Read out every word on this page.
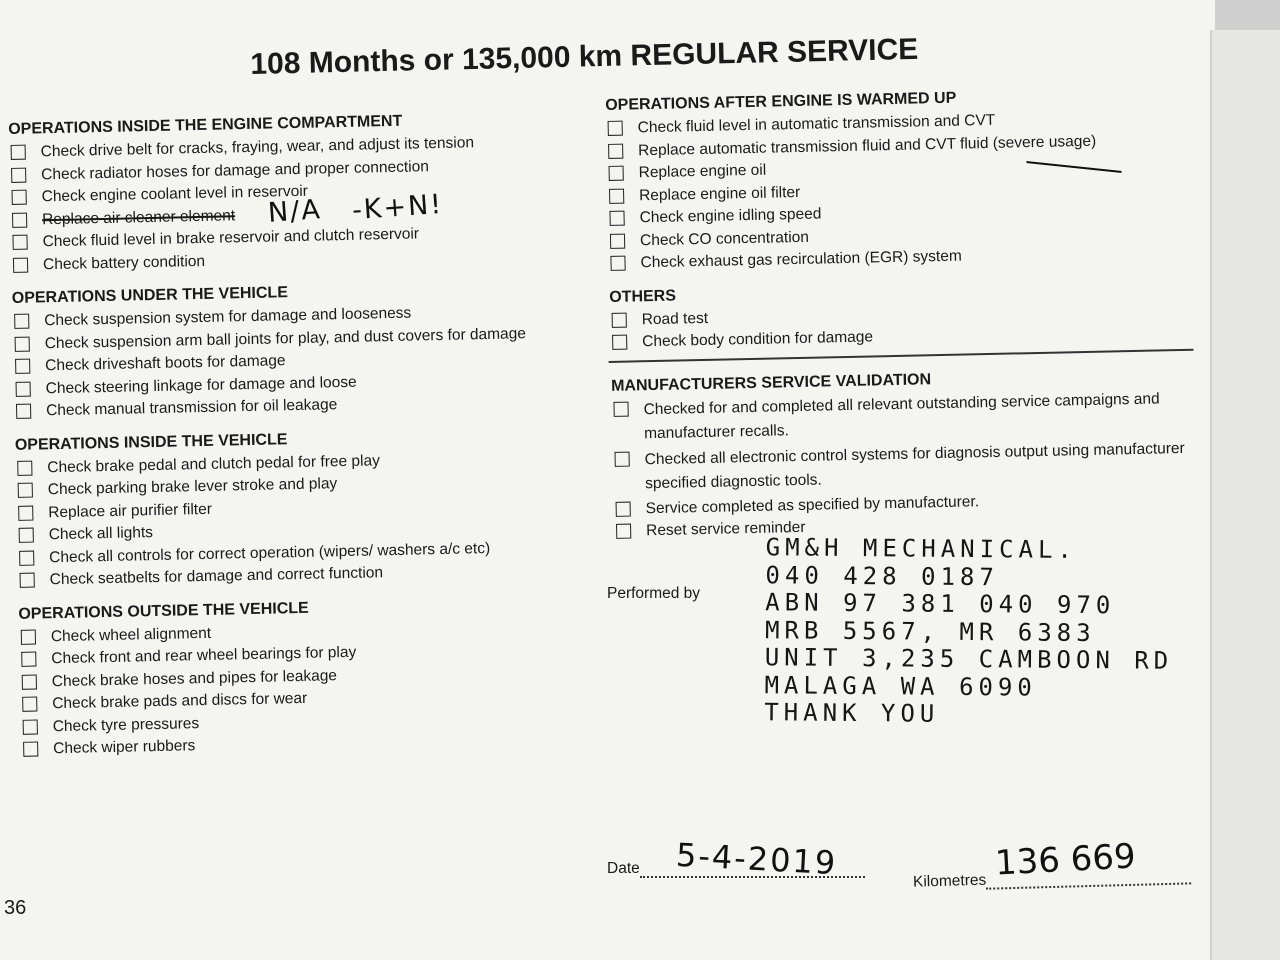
108 Months or 135,000 km REGULAR SERVICE
OPERATIONS INSIDE THE ENGINE COMPARTMENT
Check drive belt for cracks, fraying, wear, and adjust its tension
Check radiator hoses for damage and proper connection
Check engine coolant level in reservoir
Replace air cleaner element
Check fluid level in brake reservoir and clutch reservoir
Check battery condition
OPERATIONS UNDER THE VEHICLE
Check suspension system for damage and looseness
Check suspension arm ball joints for play, and dust covers for damage
Check driveshaft boots for damage
Check steering linkage for damage and loose
Check manual transmission for oil leakage
OPERATIONS INSIDE THE VEHICLE
Check brake pedal and clutch pedal for free play
Check parking brake lever stroke and play
Replace air purifier filter
Check all lights
Check all controls for correct operation (wipers/ washers a/c etc)
Check seatbelts for damage and correct function
OPERATIONS OUTSIDE THE VEHICLE
Check wheel alignment
Check front and rear wheel bearings for play
Check brake hoses and pipes for leakage
Check brake pads and discs for wear
Check tyre pressures
Check wiper rubbers
OPERATIONS AFTER ENGINE IS WARMED UP
Check fluid level in automatic transmission and CVT
Replace automatic transmission fluid and CVT fluid (severe usage)
Replace engine oil
Replace engine oil filter
Check engine idling speed
Check CO concentration
Check exhaust gas recirculation (EGR) system
OTHERS
Road test
Check body condition for damage
MANUFACTURERS SERVICE VALIDATION
Checked for and completed all relevant outstanding service campaigns and manufacturer recalls.
Checked all electronic control systems for diagnosis output using manufacturer specified diagnostic tools.
Service completed as specified by manufacturer.
Reset service reminder
N/A -K+N!
Performed by
GM&H MECHANICAL.
040 428 0187
ABN 97 381 040 970
MRB 5567, MR 6383
UNIT 3,235 CAMBOON RD
MALAGA WA 6090
THANK YOU
Date	5-4-2019	Kilometres 136 669
36
